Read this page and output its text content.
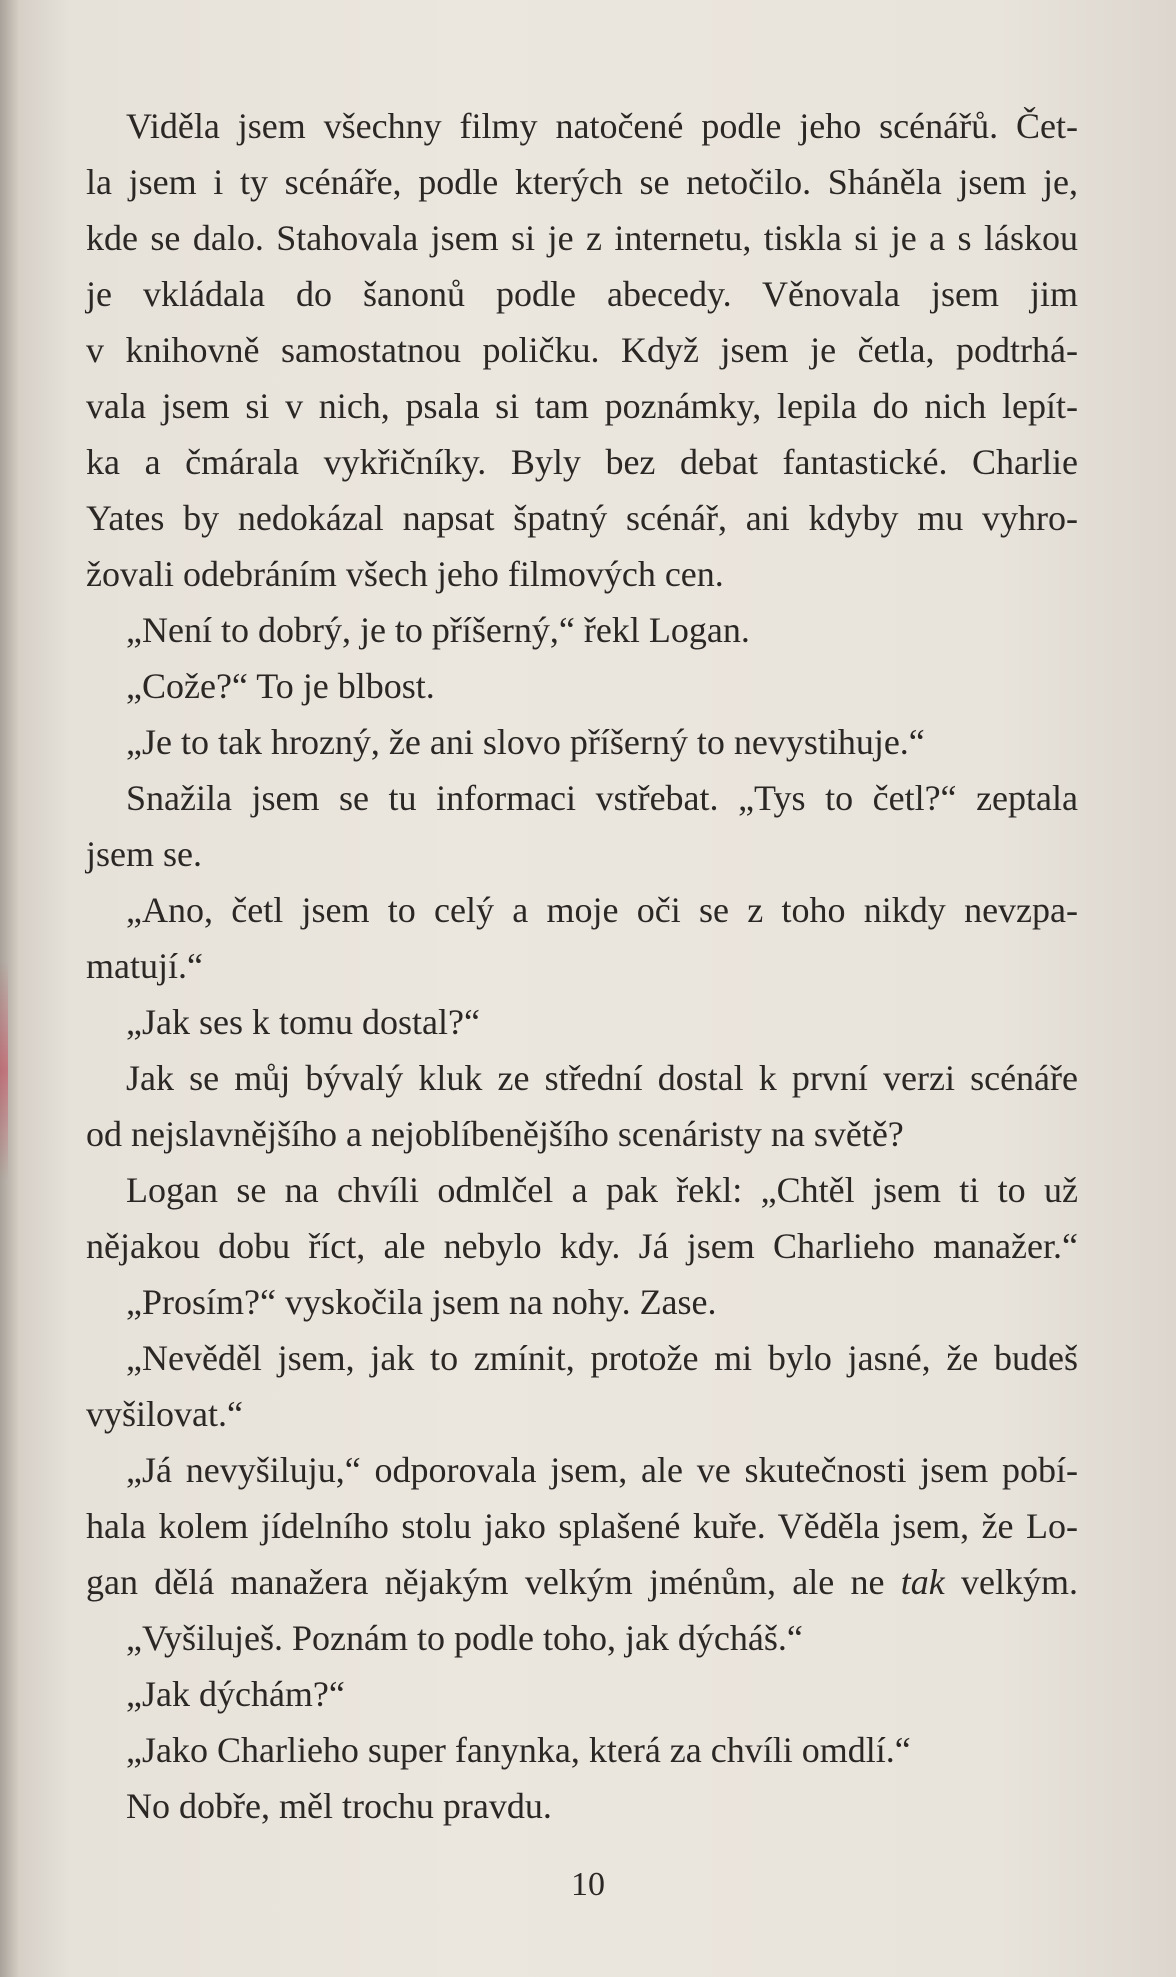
Viděla jsem všechny filmy natočené podle jeho scénářů. Čet-
la jsem i ty scénáře, podle kterých se netočilo. Sháněla jsem je,
kde se dalo. Stahovala jsem si je z internetu, tiskla si je a s láskou
je vkládala do šanonů podle abecedy. Věnovala jsem jim
v knihovně samostatnou poličku. Když jsem je četla, podtrhá-
vala jsem si v nich, psala si tam poznámky, lepila do nich lepít-
ka a čmárala vykřičníky. Byly bez debat fantastické. Charlie
Yates by nedokázal napsat špatný scénář, ani kdyby mu vyhro-
žovali odebráním všech jeho filmových cen.
„Není to dobrý, je to příšerný,“ řekl Logan.
„Cože?“ To je blbost.
„Je to tak hrozný, že ani slovo příšerný to nevystihuje.“
Snažila jsem se tu informaci vstřebat. „Tys to četl?“ zeptala
jsem se.
„Ano, četl jsem to celý a moje oči se z toho nikdy nevzpa-
matují.“
„Jak ses k tomu dostal?“
Jak se můj bývalý kluk ze střední dostal k první verzi scénáře
od nejslavnějšího a nejoblíbenějšího scenáristy na světě?
Logan se na chvíli odmlčel a pak řekl: „Chtěl jsem ti to už
nějakou dobu říct, ale nebylo kdy. Já jsem Charlieho manažer.“
„Prosím?“ vyskočila jsem na nohy. Zase.
„Nevěděl jsem, jak to zmínit, protože mi bylo jasné, že budeš
vyšilovat.“
„Já nevyšiluju,“ odporovala jsem, ale ve skutečnosti jsem pobí-
hala kolem jídelního stolu jako splašené kuře. Věděla jsem, že Lo-
gan dělá manažera nějakým velkým jménům, ale ne tak velkým.
„Vyšiluješ. Poznám to podle toho, jak dýcháš.“
„Jak dýchám?“
„Jako Charlieho super fanynka, která za chvíli omdlí.“
No dobře, měl trochu pravdu.
10
